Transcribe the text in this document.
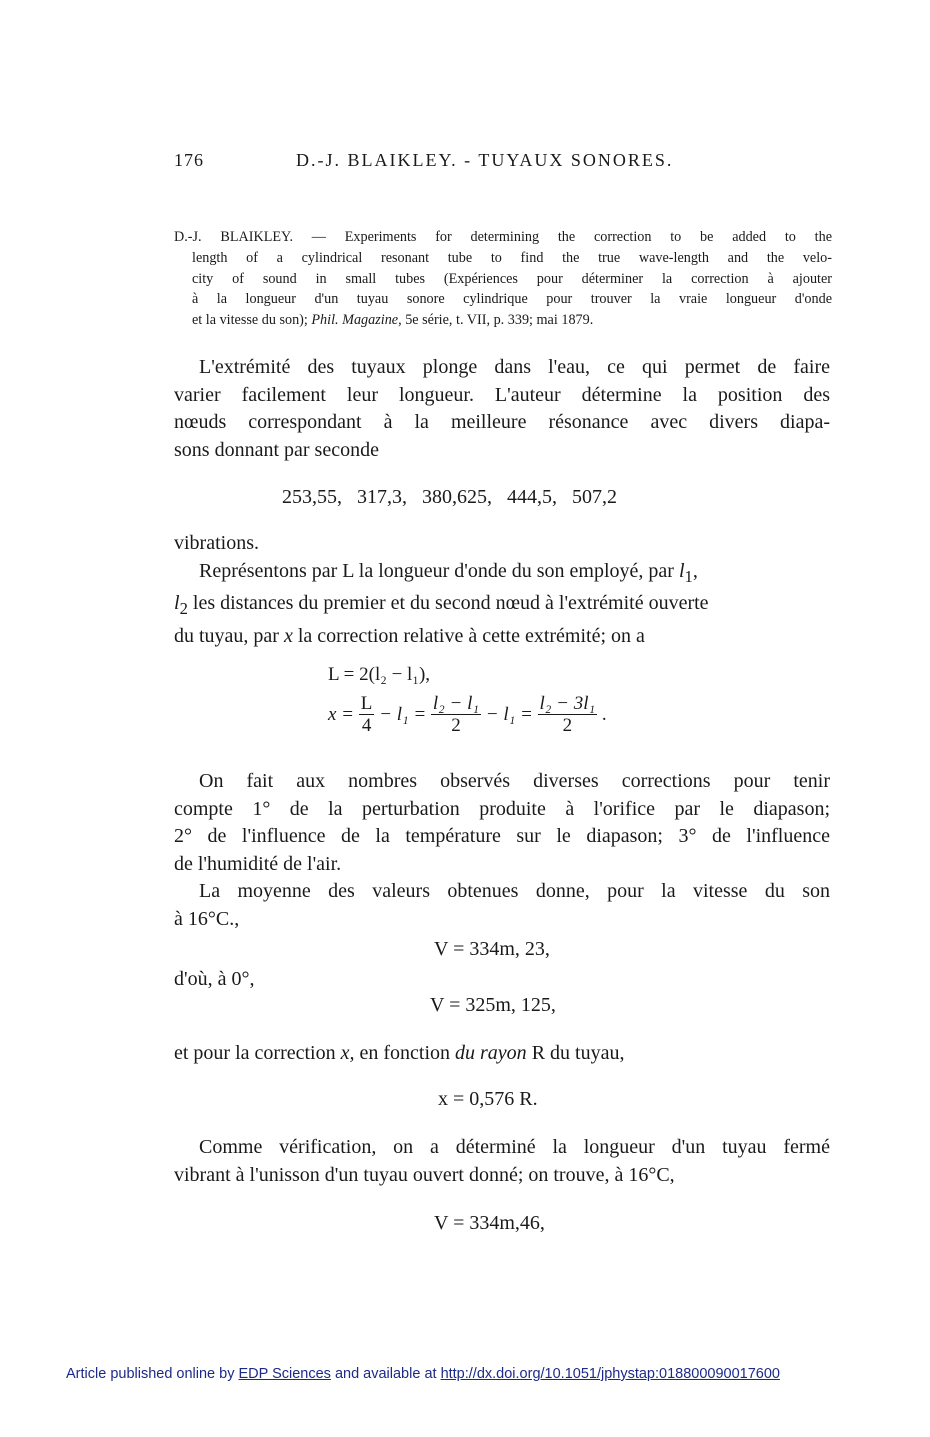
176	D.-J. BLAIKLEY. - TUYAUX SONORES.
D.-J. BLAIKLEY. — Experiments for determining the correction to be added to the
length of a cylindrical resonant tube to find the true wave-length and the velo-
city of sound in small tubes (Expériences pour déterminer la correction à ajouter
à la longueur d'un tuyau sonore cylindrique pour trouver la vraie longueur d'onde
et la vitesse du son); Phil. Magazine, 5e série, t. VII, p. 339; mai 1879.
L'extrémité des tuyaux plonge dans l'eau, ce qui permet de faire
varier facilement leur longueur. L'auteur détermine la position des
nœuds correspondant à la meilleure résonance avec divers diapa-
sons donnant par seconde
253,55,   317,3,   380,625,   444,5,   507,2
vibrations.
Représentons par L la longueur d'onde du son employé, par $l_1$,
$l_2$ les distances du premier et du second nœud à l'extrémité ouverte
du tuyau, par x la correction relative à cette extrémité; on a
L = 2(l₂ − l₁),
$x = \frac{L}{4} - l_1 = \frac{\text{l₂ − l₁}}{2} - l_1 = \frac{\text{l₂ − 3l₁}}{2}$ .
On fait aux nombres observés diverses corrections pour tenir
compte 1° de la perturbation produite à l'orifice par le diapason;
2° de l'influence de la température sur le diapason; 3° de l'influence
de l'humidité de l'air.
La moyenne des valeurs obtenues donne, pour la vitesse du son
à 16°C.,
V = 334m, 23,
d'où, à 0°,
V = 325m, 125,
et pour la correction x, en fonction du rayon R du tuyau,
x = 0,576 R.
Comme vérification, on a déterminé la longueur d'un tuyau fermé
vibrant à l'unisson d'un tuyau ouvert donné; on trouve, à 16°C,
V = 334m,46,
Article published online by EDP Sciences and available at http://dx.doi.org/10.1051/jphystap:018800090017600
